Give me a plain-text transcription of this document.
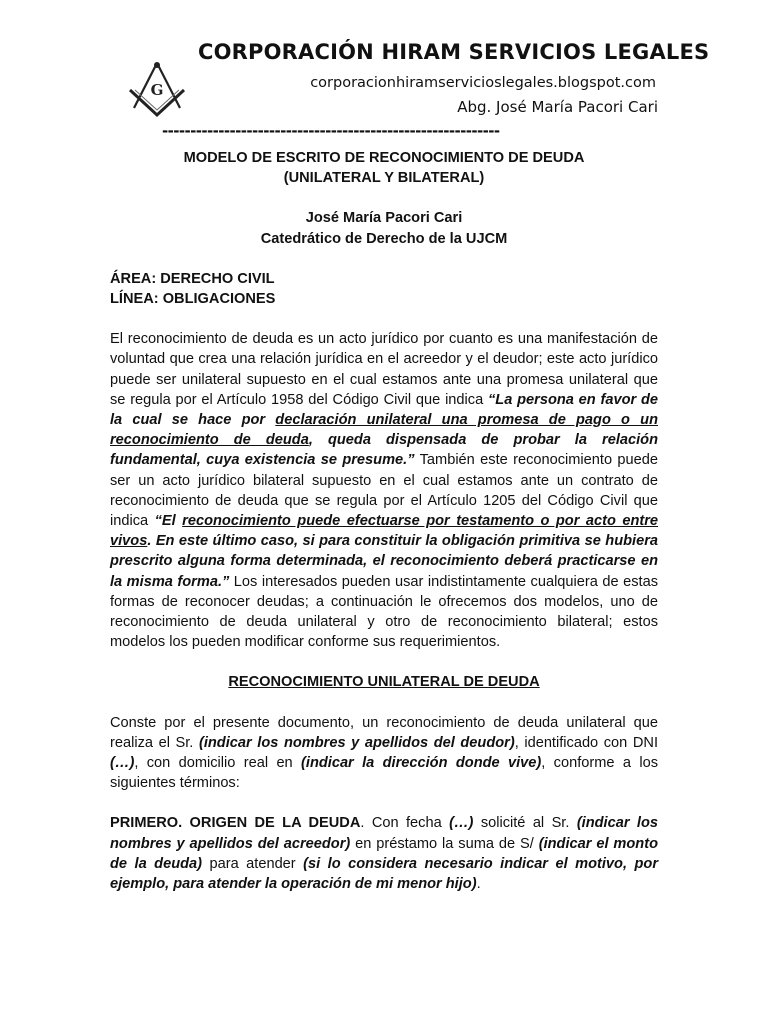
G
CORPORACIÓN HIRAM SERVICIOS LEGALES
corporacionhiramservicioslegales.blogspot.com
Abg. José María Pacori Cari
------------------------------------------------------------
MODELO DE ESCRITO DE RECONOCIMIENTO DE DEUDA
(UNILATERAL Y BILATERAL)
José María Pacori Cari
Catedrático de Derecho de la UJCM
ÁREA: DERECHO CIVIL
LÍNEA: OBLIGACIONES

El reconocimiento de deuda es un acto jurídico por cuanto es una manifestación de voluntad que crea una relación jurídica en el acreedor y el deudor; este acto jurídico puede ser unilateral supuesto en el cual estamos ante una promesa unilateral que se regula por el Artículo 1958 del Código Civil que indica “La persona en favor de la cual se hace por declaración unilateral una promesa de pago o un reconocimiento de deuda, queda dispensada de probar la relación fundamental, cuya existencia se presume.” También este reconocimiento puede ser un acto jurídico bilateral supuesto en el cual estamos ante un contrato de reconocimiento de deuda que se regula por el Artículo 1205 del Código Civil que indica “El reconocimiento puede efectuarse por testamento o por acto entre vivos. En este último caso, si para constituir la obligación primitiva se hubiera prescrito alguna forma determinada, el reconocimiento deberá practicarse en la misma forma.” Los interesados pueden usar indistintamente cualquiera de estas formas de reconocer deudas; a continuación le ofrecemos dos modelos, uno de reconocimiento de deuda unilateral y otro de reconocimiento bilateral; estos modelos los pueden modificar conforme sus requerimientos.

RECONOCIMIENTO UNILATERAL DE DEUDA

Conste por el presente documento, un reconocimiento de deuda unilateral que realiza el Sr. (indicar los nombres y apellidos del deudor), identificado con DNI (…), con domicilio real en (indicar la dirección donde vive), conforme a los siguientes términos:

PRIMERO. ORIGEN DE LA DEUDA. Con fecha (…) solicité al Sr. (indicar los nombres y apellidos del acreedor) en préstamo la suma de S/ (indicar el monto de la deuda) para atender (si lo considera necesario indicar el motivo, por ejemplo, para atender la operación de mi menor hijo).
